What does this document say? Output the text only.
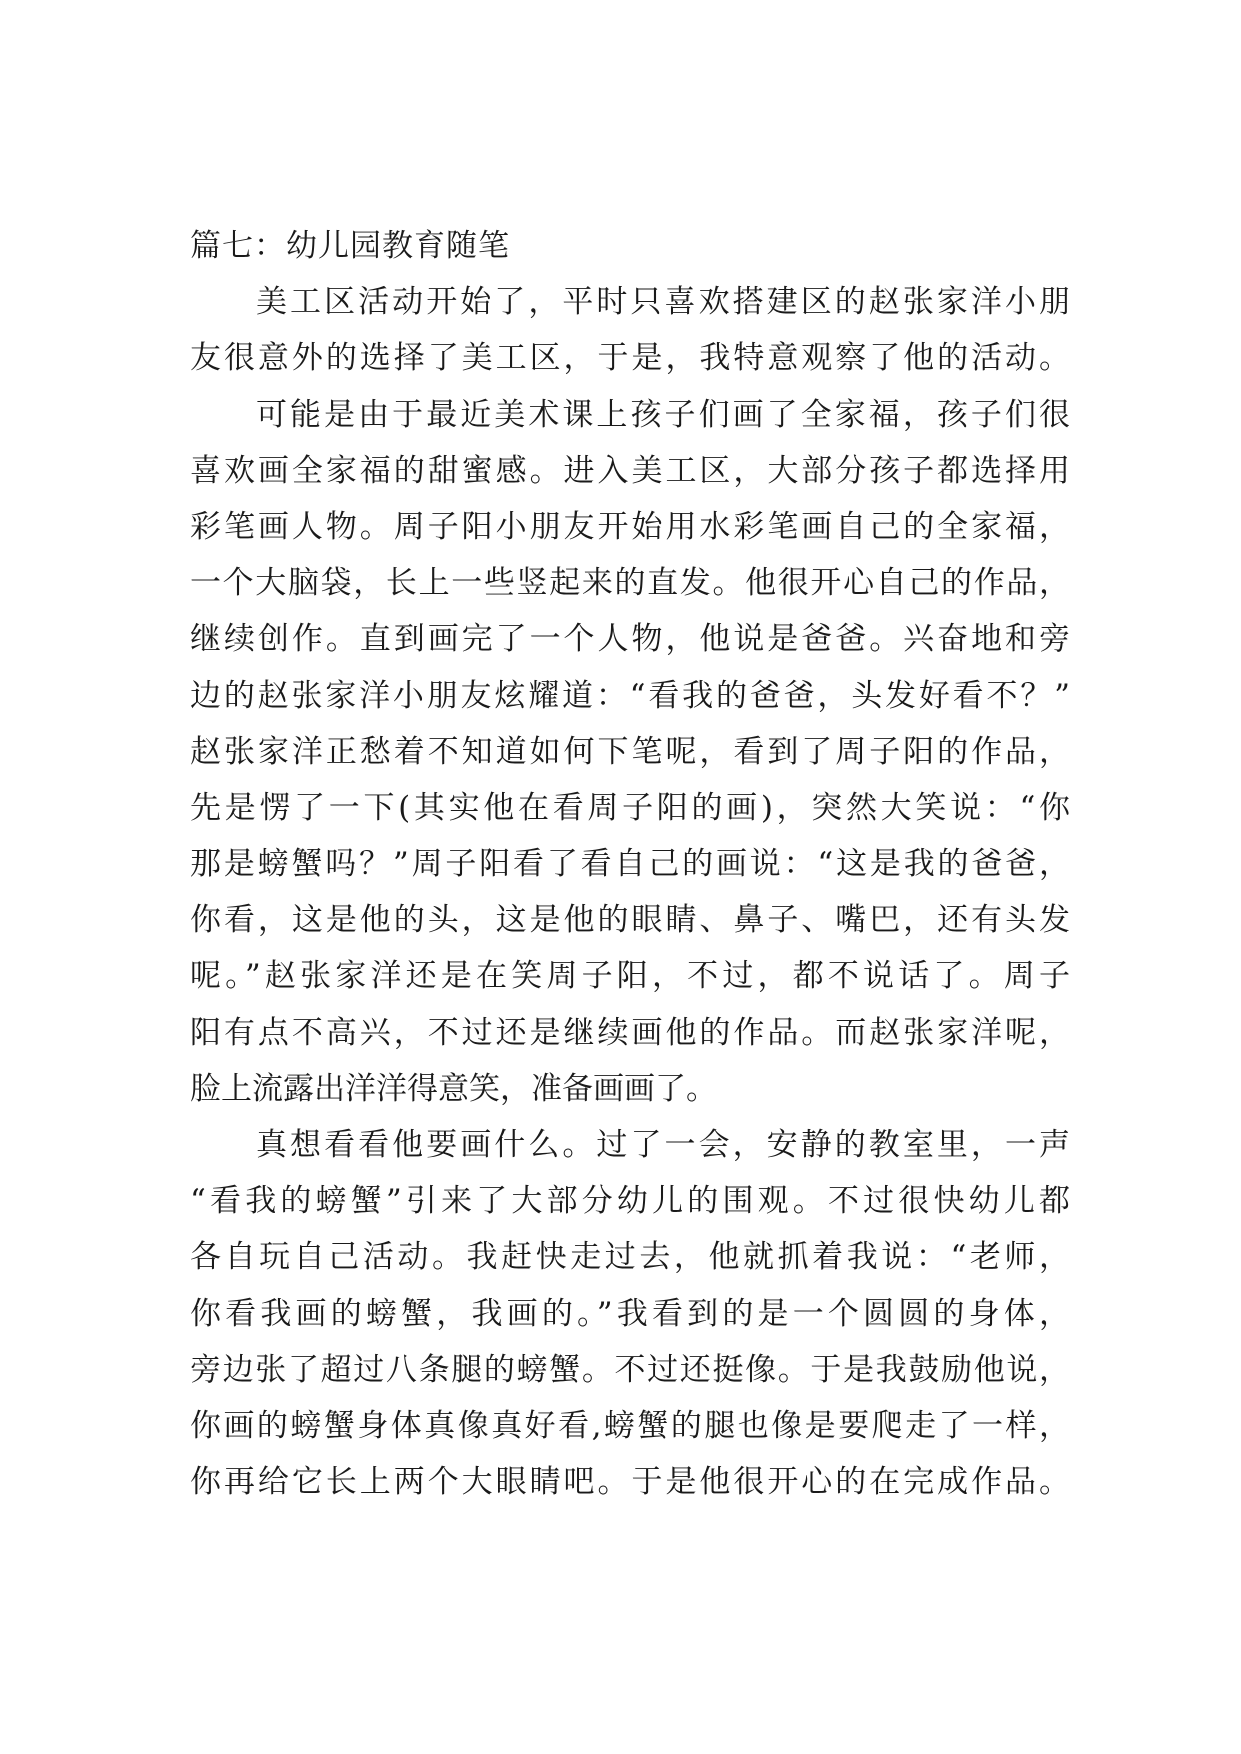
篇七：幼儿园教育随笔
美工区活动开始了，平时只喜欢搭建区的赵张家洋小朋
友很意外的选择了美工区，于是，我特意观察了他的活动。
可能是由于最近美术课上孩子们画了全家福，孩子们很
喜欢画全家福的甜蜜感。进入美工区，大部分孩子都选择用
彩笔画人物。周子阳小朋友开始用水彩笔画自己的全家福，
一个大脑袋，长上一些竖起来的直发。他很开心自己的作品，
继续创作。直到画完了一个人物，他说是爸爸。兴奋地和旁
边的赵张家洋小朋友炫耀道：“看我的爸爸，头发好看不？”
赵张家洋正愁着不知道如何下笔呢，看到了周子阳的作品，
先是愣了一下(其实他在看周子阳的画)，突然大笑说：“你
那是螃蟹吗？”周子阳看了看自己的画说：“这是我的爸爸，
你看，这是他的头，这是他的眼睛、鼻子、嘴巴，还有头发
呢。”赵张家洋还是在笑周子阳，不过，都不说话了。周子
阳有点不高兴，不过还是继续画他的作品。而赵张家洋呢，
脸上流露出洋洋得意笑，准备画画了。
真想看看他要画什么。过了一会，安静的教室里，一声
“看我的螃蟹”引来了大部分幼儿的围观。不过很快幼儿都
各自玩自己活动。我赶快走过去，他就抓着我说：“老师，
你看我画的螃蟹，我画的。”我看到的是一个圆圆的身体，
旁边张了超过八条腿的螃蟹。不过还挺像。于是我鼓励他说，
你画的螃蟹身体真像真好看,螃蟹的腿也像是要爬走了一样，
你再给它长上两个大眼睛吧。于是他很开心的在完成作品。
